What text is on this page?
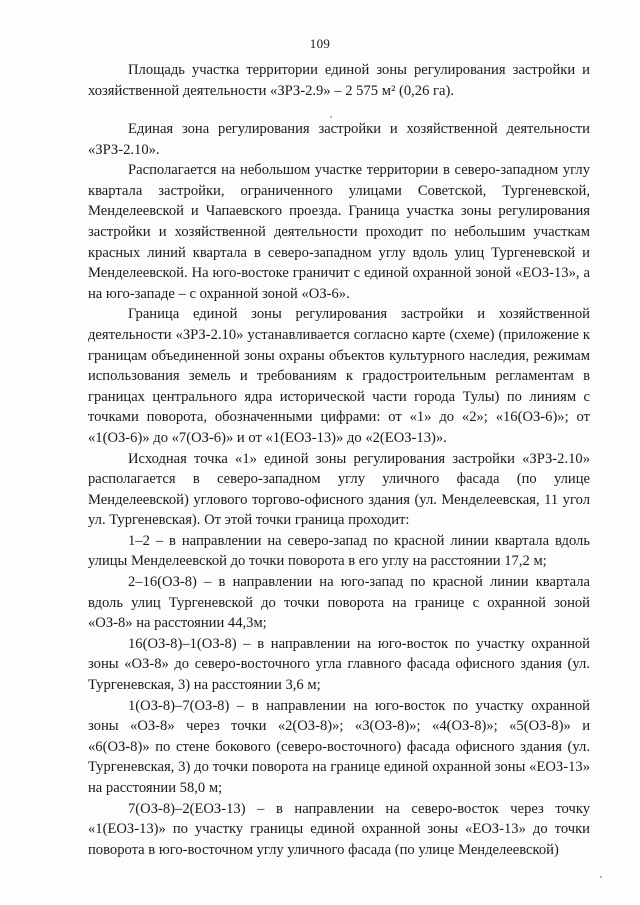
109

Площадь участка территории единой зоны регулирования застройки и хозяйственной деятельности «ЗРЗ-2.9» – 2 575 м² (0,26 га).

Единая зона регулирования застройки и хозяйственной деятельности «ЗРЗ-2.10».

Располагается на небольшом участке территории в северо-западном углу квартала застройки, ограниченного улицами Советской, Тургеневской, Менделеевской и Чапаевского проезда. Граница участка зоны регулирования застройки и хозяйственной деятельности проходит по небольшим участкам красных линий квартала в северо-западном углу вдоль улиц Тургеневской и Менделеевской. На юго-востоке граничит с единой охранной зоной «ЕОЗ-13», а на юго-западе – с охранной зоной «ОЗ-6».

Граница единой зоны регулирования застройки и хозяйственной деятельности «ЗРЗ-2.10» устанавливается согласно карте (схеме) (приложение к границам объединенной зоны охраны объектов культурного наследия, режимам использования земель и требованиям к градостроительным регламентам в границах центрального ядра исторической части города Тулы) по линиям с точками поворота, обозначенными цифрами: от «1» до «2»; «16(ОЗ-6)»; от «1(ОЗ-6)» до «7(ОЗ-6)» и от «1(ЕОЗ-13)» до «2(ЕОЗ-13)».

Исходная точка «1» единой зоны регулирования застройки «ЗРЗ-2.10» располагается в северо-западном углу уличного фасада (по улице Менделеевской) углового торгово-офисного здания (ул. Менделеевская, 11 угол ул. Тургеневская). От этой точки граница проходит:

1–2 – в направлении на северо-запад по красной линии квартала вдоль улицы Менделеевской до точки поворота в его углу на расстоянии 17,2 м;

2–16(ОЗ-8) – в направлении на юго-запад по красной линии квартала вдоль улиц Тургеневской до точки поворота на границе с охранной зоной «ОЗ-8» на расстоянии 44,3м;

16(ОЗ-8)–1(ОЗ-8) – в направлении на юго-восток по участку охранной зоны «ОЗ-8» до северо-восточного угла главного фасада офисного здания (ул. Тургеневская, 3) на расстоянии 3,6 м;

1(ОЗ-8)–7(ОЗ-8) – в направлении на юго-восток по участку охранной зоны «ОЗ-8» через точки «2(ОЗ-8)»; «3(ОЗ-8)»; «4(ОЗ-8)»; «5(ОЗ-8)» и «6(ОЗ-8)» по стене бокового (северо-восточного) фасада офисного здания (ул. Тургеневская, 3) до точки поворота на границе единой охранной зоны «ЕОЗ-13» на расстоянии 58,0 м;

7(ОЗ-8)–2(ЕОЗ-13) – в направлении на северо-восток через точку «1(ЕОЗ-13)» по участку границы единой охранной зоны «ЕОЗ-13» до точки поворота в юго-восточном углу уличного фасада (по улице Менделеевской)
